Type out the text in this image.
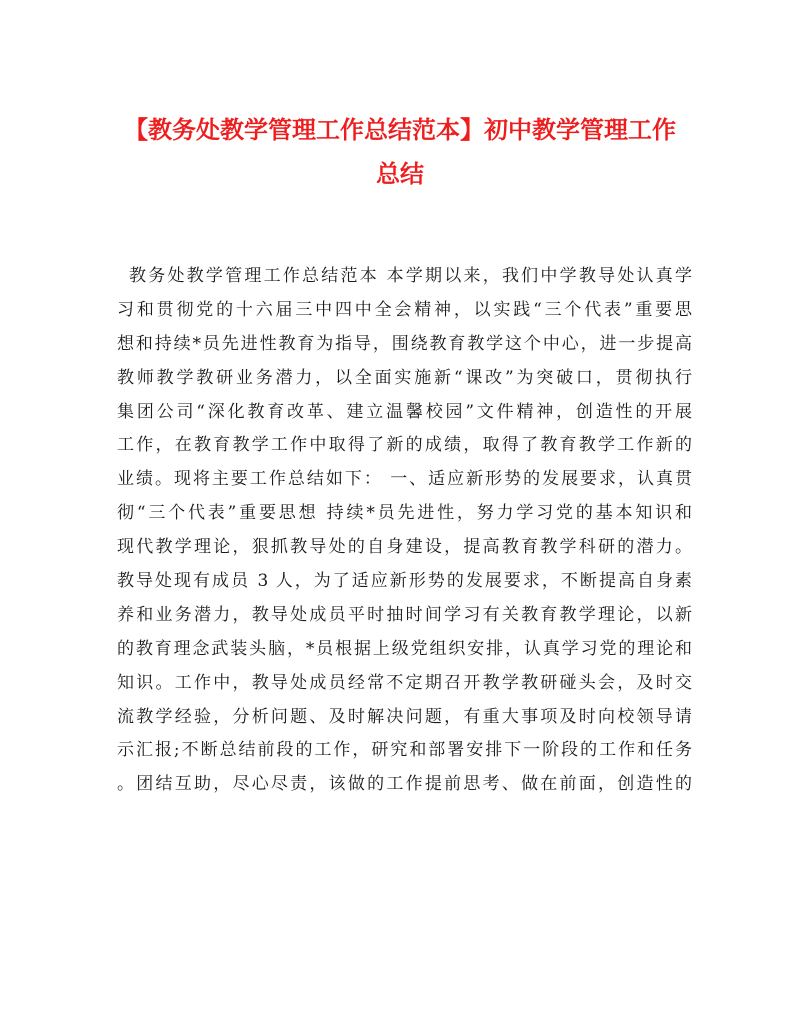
【教务处教学管理工作总结范本】初中教学管理工作
总结
教务处教学管理工作总结范本 本学期以来，我们中学教导处认真学
习和贯彻党的十六届三中四中全会精神，以实践“三个代表”重要思
想和持续*员先进性教育为指导，围绕教育教学这个中心，进一步提高
教师教学教研业务潜力，以全面实施新“课改”为突破口，贯彻执行
集团公司“深化教育改革、建立温馨校园”文件精神，创造性的开展
工作，在教育教学工作中取得了新的成绩，取得了教育教学工作新的
业绩。现将主要工作总结如下： 一、适应新形势的发展要求，认真贯
彻“三个代表”重要思想 持续*员先进性，努力学习党的基本知识和
现代教学理论，狠抓教导处的自身建设，提高教育教学科研的潜力。
教导处现有成员 3 人，为了适应新形势的发展要求，不断提高自身素
养和业务潜力，教导处成员平时抽时间学习有关教育教学理论，以新
的教育理念武装头脑，*员根据上级党组织安排，认真学习党的理论和
知识。工作中，教导处成员经常不定期召开教学教研碰头会，及时交
流教学经验，分析问题、及时解决问题，有重大事项及时向校领导请
示汇报;不断总结前段的工作，研究和部署安排下一阶段的工作和任务
。团结互助，尽心尽责，该做的工作提前思考、做在前面，创造性的
